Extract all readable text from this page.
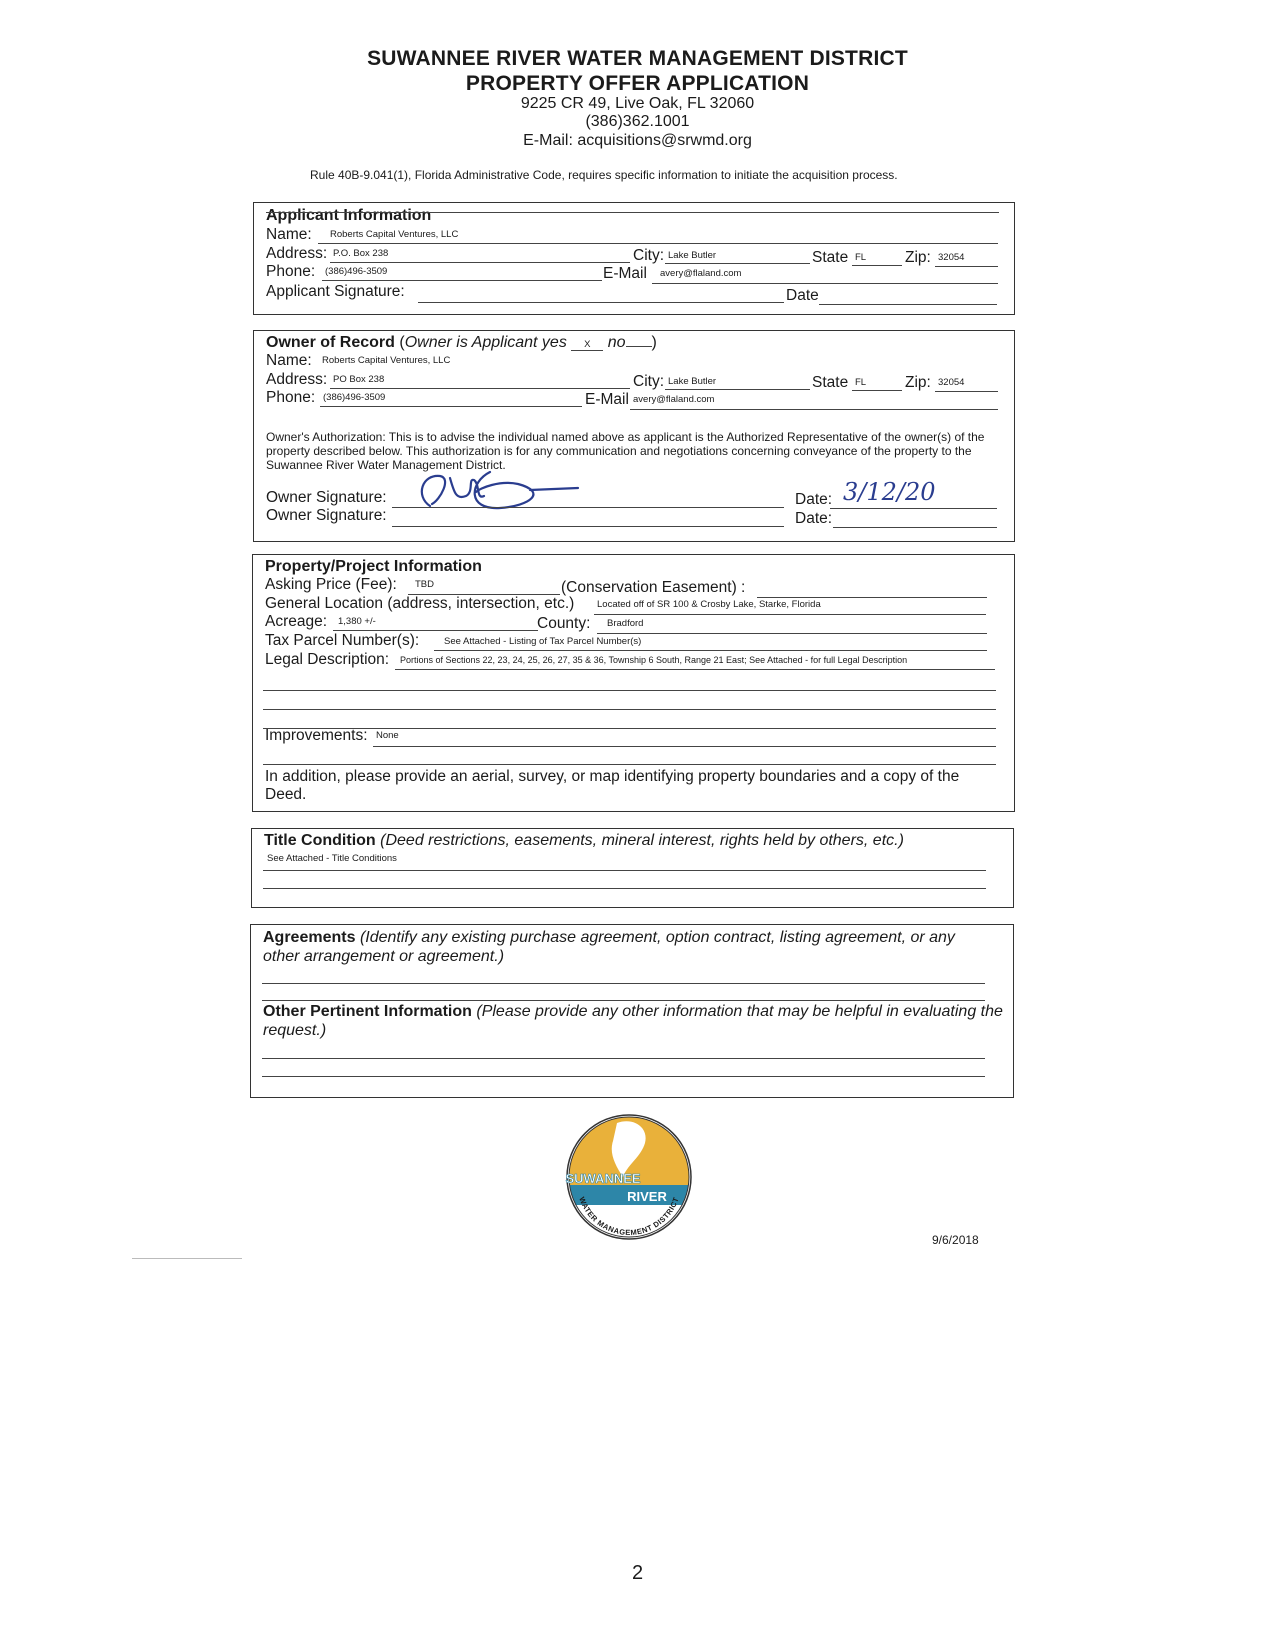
SUWANNEE RIVER WATER MANAGEMENT DISTRICT
PROPERTY OFFER APPLICATION
9225 CR 49, Live Oak, FL 32060
(386)362.1001
E-Mail: acquisitions@srwmd.org
Rule 40B-9.041(1), Florida Administrative Code, requires specific information to initiate the acquisition process.
Applicant Information
Name: Roberts Capital Ventures, LLC
Address: P.O. Box 238	City: Lake Butler	State FL	Zip: 32054
Phone: (386)496-3509	E-Mail avery@flaland.com
Applicant Signature:	Date
Owner of Record (Owner is Applicant yes X no )
Name: Roberts Capital Ventures, LLC
Address: PO Box 238	City: Lake Butler	State FL	Zip: 32054
Phone: (386)496-3509	E-Mail avery@flaland.com
Owner's Authorization: This is to advise the individual named above as applicant is the Authorized Representative of the owner(s) of the property described below. This authorization is for any communication and negotiations concerning conveyance of the property to the Suwannee River Water Management District.
Owner Signature:	Date: 3/12/20
Owner Signature:	Date:
Property/Project Information
Asking Price (Fee): TBD	(Conservation Easement) :
General Location (address, intersection, etc.) Located off of SR 100 & Crosby Lake, Starke, Florida
Acreage: 1,380 +/-	County: Bradford
Tax Parcel Number(s):	See Attached - Listing of Tax Parcel Number(s)
Legal Description: Portions of Sections 22, 23, 24, 25, 26, 27, 35 & 36, Township 6 South, Range 21 East; See Attached - for full Legal Description
Improvements: None
In addition, please provide an aerial, survey, or map identifying property boundaries and a copy of the Deed.
Title Condition (Deed restrictions, easements, mineral interest, rights held by others, etc.)
See Attached - Title Conditions
Agreements (Identify any existing purchase agreement, option contract, listing agreement, or any other arrangement or agreement.)
Other Pertinent Information (Please provide any other information that may be helpful in evaluating the request.)
SUWANNEE
RIVER
WATER MANAGEMENT DISTRICT
9/6/2018
2
